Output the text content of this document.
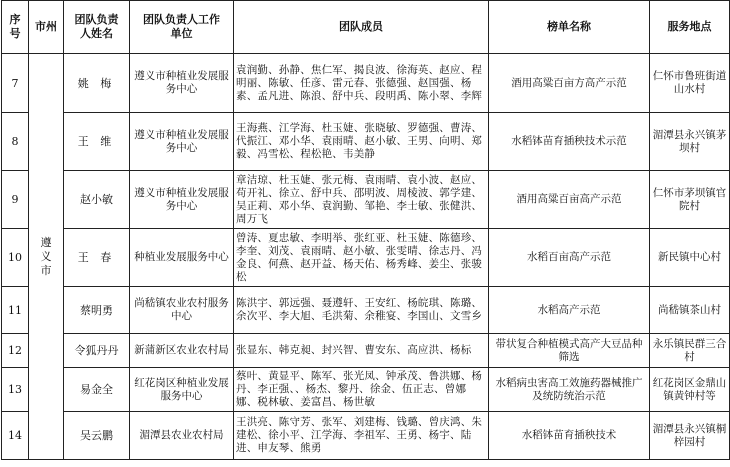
序号	市州	团队负责人姓名	团队负责人工作单位	团队成员	榜单名称	服务地点
7	遵义市	姚 梅	遵义市种植业发展服务中心	袁润勤、孙静、焦仁军、揭良波、徐海英、赵应、程明丽、陈敏、任彦、雷元春、张德强、赵国强、杨素、孟凡进、陈浪、舒中兵、段明禹、陈小翠、李辉	酒用高粱百亩方高产示范	仁怀市鲁班街道山水村
8		王 维	遵义市种植业发展服务中心	王海燕、江学海、杜玉婕、张晓敏、罗德强、曹涛、代振江、邓小华、袁雨晴、赵小敏、王男、向明、郑毅、冯雪松、程松艳、韦美静	水稻钵苗育插秧技术示范	湄潭县永兴镇茅坝村
9		赵小敏	遵义市种植业发展服务中心	章洁琼、杜玉婕、张元梅、袁雨晴、袁小波、赵应、苟开礼、徐立、舒中兵、邵明波、周棱波、郭学建、吴正莉、邓小华、袁润勤、邹艳、李士敏、张健洪、周万飞	酒用高粱百亩高产示范	仁怀市茅坝镇官院村
10		王 春	种植业发展服务中心	曾涛、夏忠敏、李明举、张红亚、杜玉婕、陈德珍、李奎、刘茂、袁雨晴、赵小敏、张雯晴、徐志丹、冯金良、何燕、赵开益、杨天佑、杨秀峰、姜尘、张骏松	水稻百亩高产示范	新民镇中心村
11		蔡明勇	尚嵇镇农业农村服务中心	陈洪宇、郭远强、聂遵轩、王安红、杨皖琪、陈璐、余次平、李大旭、毛洪菊、余稚宴、李国山、文雪乡	水稻高产示范	尚嵇镇茶山村
12		令狐丹丹	新蒲新区农业农村局	张显东、韩克昶、封兴智、曹安东、高应洪、杨标	带状复合种植模式高产大豆品种筛选	永乐镇民群三合村
13		易金全	红花岗区种植业发展服务中心	蔡叶、黄显平、陈军、张光凤、钟承茂、鲁洪娜、杨丹、李正强、、杨杰、黎丹、徐金、伍正志、曾娜娜、税林敏、姜富昌、杨世敏	水稻病虫害高工效施药器械推广及统防统治示范	红花岗区金鼎山镇黄钟村等
14		吴云鹏	湄潭县农业农村局	王洪亮、陈守芳、张军、刘建梅、钱璐、曾庆鸿、朱建松、徐小平、江学海、李祖军、王勇、杨宇、陆进、申友琴、熊勇	水稻钵苗育插秧技术	湄潭县永兴镇桐梓园村
